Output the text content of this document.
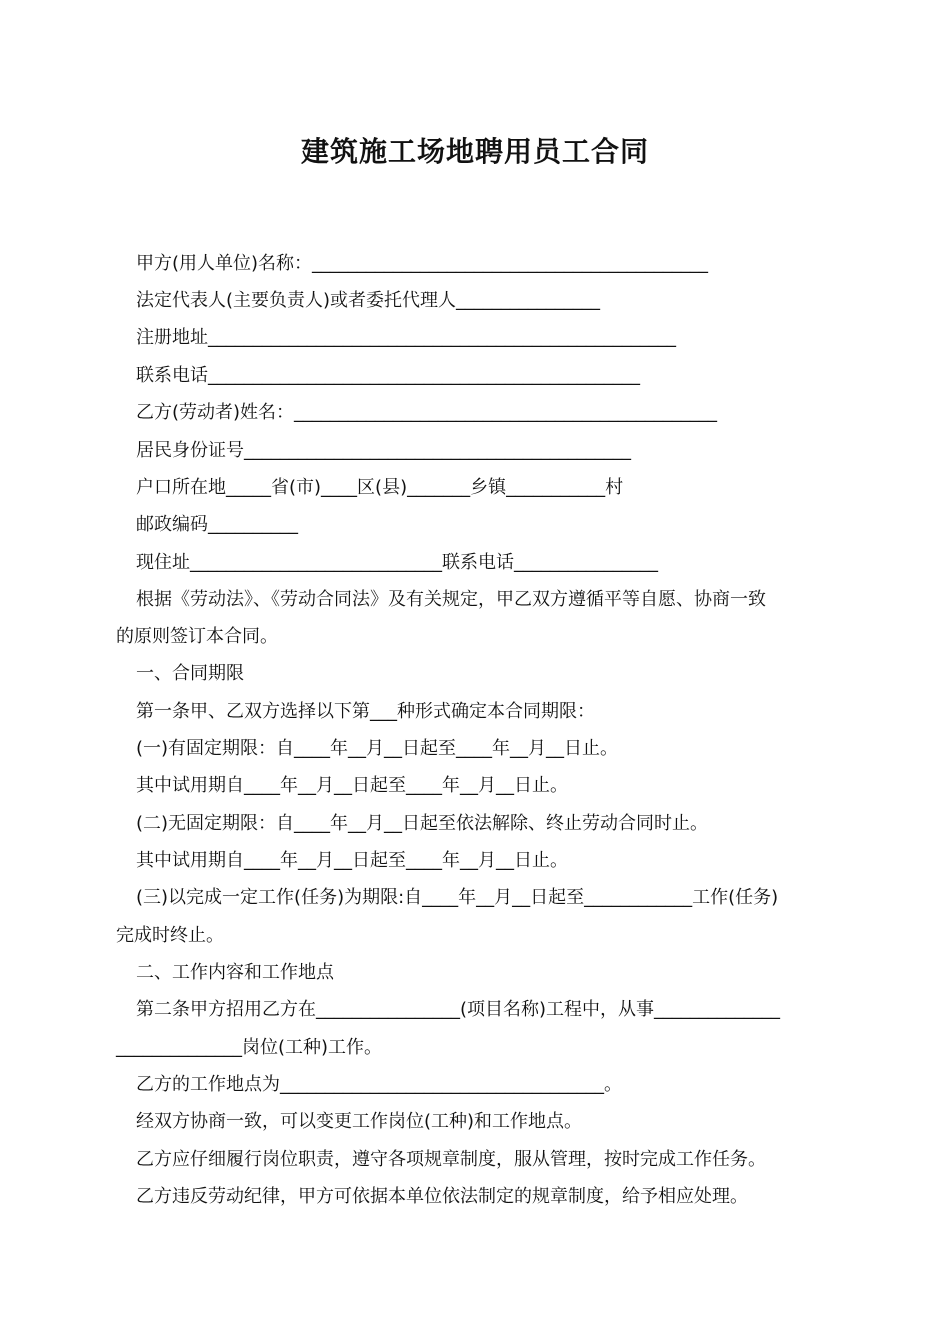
建筑施工场地聘用员工合同
甲方(用人单位)名称：____________________________________________
法定代表人(主要负责人)或者委托代理人________________
注册地址____________________________________________________
联系电话________________________________________________
乙方(劳动者)姓名：_______________________________________________
居民身份证号___________________________________________
户口所在地_____省(市)____区(县)_______乡镇___________村
邮政编码__________
现住址____________________________联系电话________________
根据《劳动法》、《劳动合同法》及有关规定，甲乙双方遵循平等自愿、协商一致
的原则签订本合同。
一、合同期限
第一条甲、乙双方选择以下第___种形式确定本合同期限：
(一)有固定期限：自____年__月__日起至____年__月__日止。
其中试用期自____年__月__日起至____年__月__日止。
(二)无固定期限：自____年__月__日起至依法解除、终止劳动合同时止。
其中试用期自____年__月__日起至____年__月__日止。
(三)以完成一定工作(任务)为期限:自____年__月__日起至____________工作(任务)
完成时终止。
二、工作内容和工作地点
第二条甲方招用乙方在________________(项目名称)工程中，从事______________
______________岗位(工种)工作。
乙方的工作地点为____________________________________。
经双方协商一致，可以变更工作岗位(工种)和工作地点。
乙方应仔细履行岗位职责，遵守各项规章制度，服从管理，按时完成工作任务。
乙方违反劳动纪律，甲方可依据本单位依法制定的规章制度，给予相应处理。
